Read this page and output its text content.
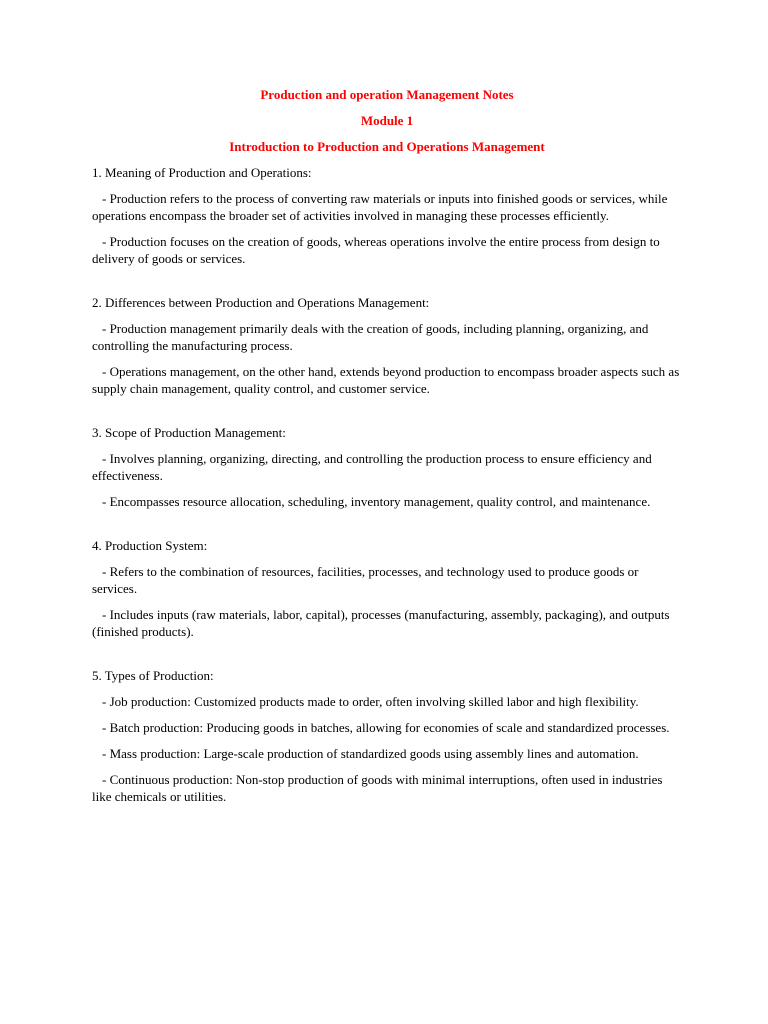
Production and operation Management Notes

Module 1

Introduction to Production and Operations Management

1. Meaning of Production and Operations:

- Production refers to the process of converting raw materials or inputs into finished goods or services, while operations encompass the broader set of activities involved in managing these processes efficiently.

- Production focuses on the creation of goods, whereas operations involve the entire process from design to delivery of goods or services.

2. Differences between Production and Operations Management:

- Production management primarily deals with the creation of goods, including planning, organizing, and controlling the manufacturing process.

- Operations management, on the other hand, extends beyond production to encompass broader aspects such as supply chain management, quality control, and customer service.

3. Scope of Production Management:

- Involves planning, organizing, directing, and controlling the production process to ensure efficiency and effectiveness.

- Encompasses resource allocation, scheduling, inventory management, quality control, and maintenance.

4. Production System:

- Refers to the combination of resources, facilities, processes, and technology used to produce goods or services.

- Includes inputs (raw materials, labor, capital), processes (manufacturing, assembly, packaging), and outputs (finished products).

5. Types of Production:

- Job production: Customized products made to order, often involving skilled labor and high flexibility.

- Batch production: Producing goods in batches, allowing for economies of scale and standardized processes.

- Mass production: Large-scale production of standardized goods using assembly lines and automation.

- Continuous production: Non-stop production of goods with minimal interruptions, often used in industries like chemicals or utilities.
